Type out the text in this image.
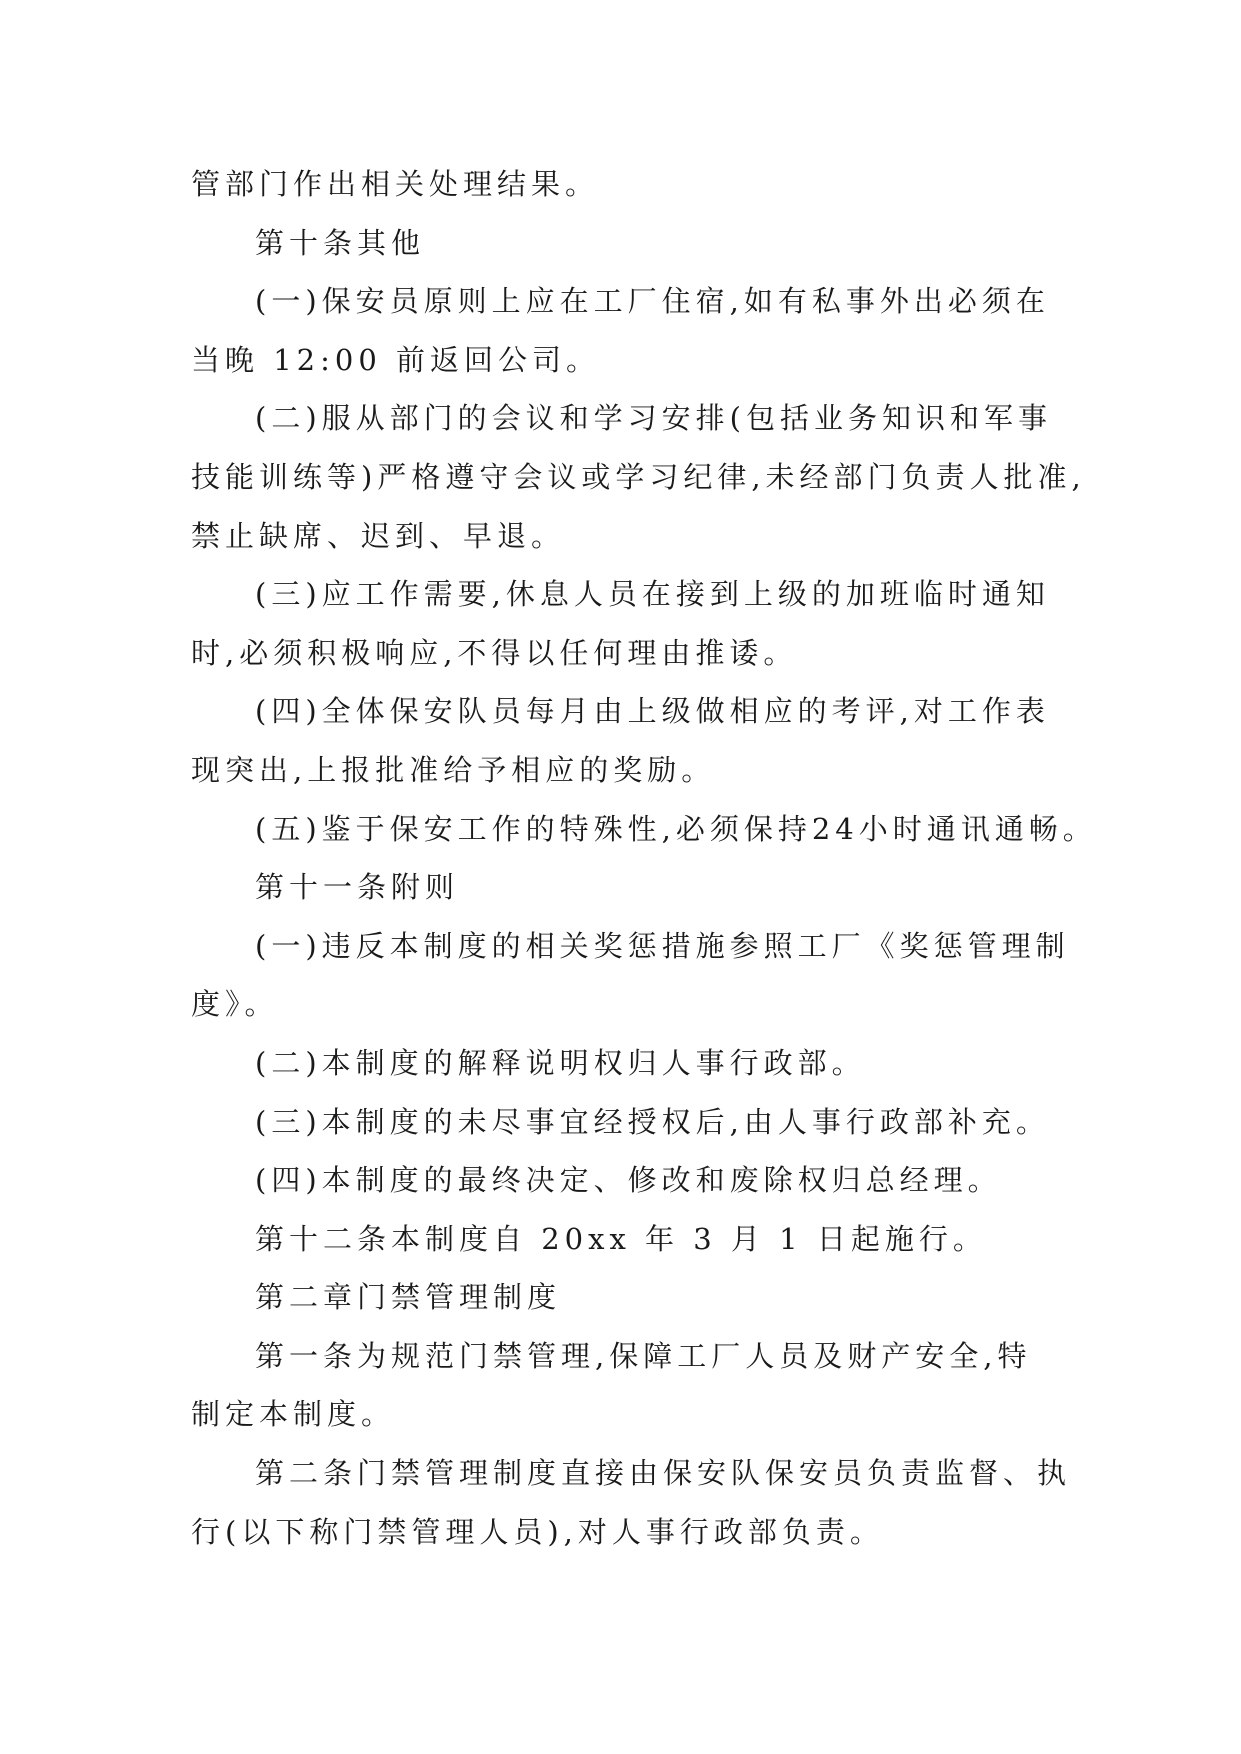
管部门作出相关处理结果。
第十条其他
(一)保安员原则上应在工厂住宿,如有私事外出必须在
当晚 12:00 前返回公司。
(二)服从部门的会议和学习安排(包括业务知识和军事
技能训练等)严格遵守会议或学习纪律,未经部门负责人批准,
禁止缺席、迟到、早退。
(三)应工作需要,休息人员在接到上级的加班临时通知
时,必须积极响应,不得以任何理由推诿。
(四)全体保安队员每月由上级做相应的考评,对工作表
现突出,上报批准给予相应的奖励。
(五)鉴于保安工作的特殊性,必须保持24小时通讯通畅。
第十一条附则
(一)违反本制度的相关奖惩措施参照工厂《奖惩管理制
度》。
(二)本制度的解释说明权归人事行政部。
(三)本制度的未尽事宜经授权后,由人事行政部补充。
(四)本制度的最终决定、修改和废除权归总经理。
第十二条本制度自 20xx 年 3 月 1 日起施行。
第二章门禁管理制度
第一条为规范门禁管理,保障工厂人员及财产安全,特
制定本制度。
第二条门禁管理制度直接由保安队保安员负责监督、执
行(以下称门禁管理人员),对人事行政部负责。
